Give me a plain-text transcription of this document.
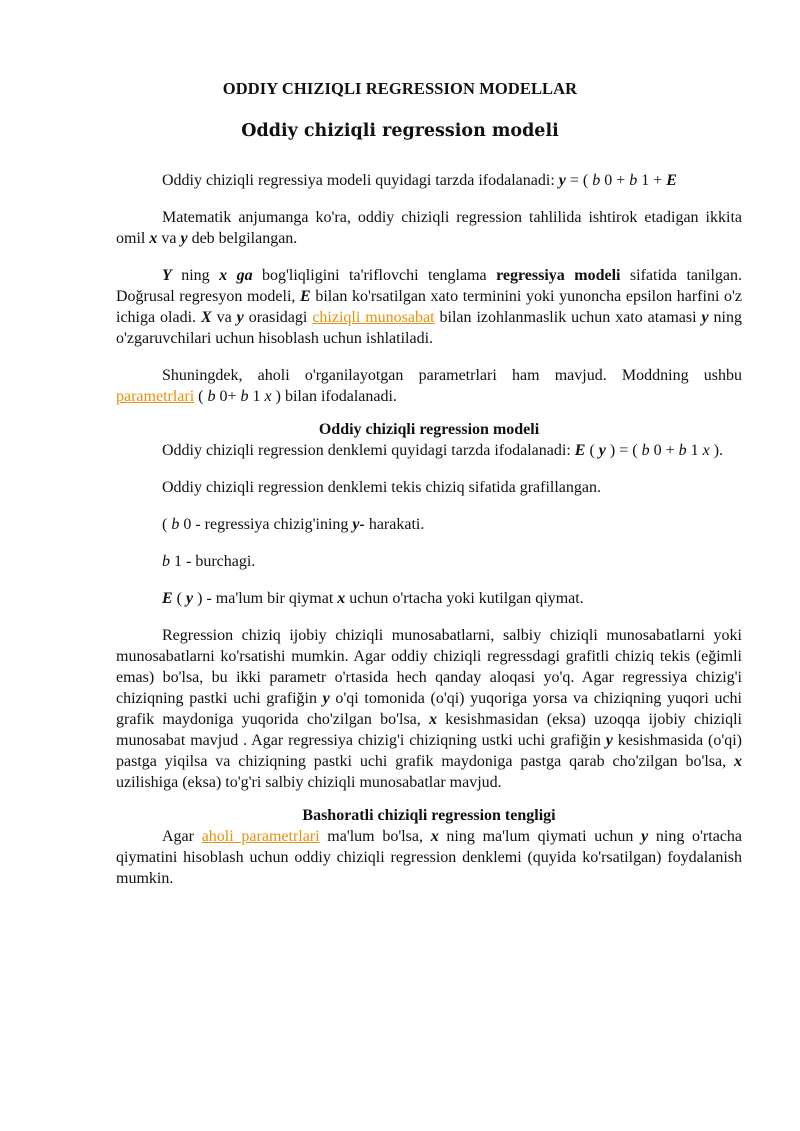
ODDIY CHIZIQLI REGRESSION MODELLAR
Oddiy chiziqli regression modeli

Oddiy chiziqli regressiya modeli quyidagi tarzda ifodalanadi: y = ( b 0 + b 1 + E

Matematik anjumanga ko'ra, oddiy chiziqli regression tahlilida ishtirok etadigan ikkita omil x va y deb belgilangan.

Y ning x ga bog'liqligini ta'riflovchi tenglama regressiya modeli sifatida tanilgan. Doğrusal regresyon modeli, E bilan ko'rsatilgan xato terminini yoki yunoncha epsilon harfini o'z ichiga oladi. X va y orasidagi chiziqli munosabat bilan izohlanmaslik uchun xato atamasi y ning o'zgaruvchilari uchun hisoblash uchun ishlatiladi.

Shuningdek, aholi o'rganilayotgan parametrlari ham mavjud. Moddning ushbu parametrlari ( b 0+ b 1 x ) bilan ifodalanadi.

Oddiy chiziqli regression modeli

Oddiy chiziqli regression denklemi quyidagi tarzda ifodalanadi: E ( y ) = ( b 0 + b 1 x ).

Oddiy chiziqli regression denklemi tekis chiziq sifatida grafillangan.

( b 0 - regressiya chizig'ining y- harakati.

b 1 - burchagi.

E ( y ) - ma'lum bir qiymat x uchun o'rtacha yoki kutilgan qiymat.

Regression chiziq ijobiy chiziqli munosabatlarni, salbiy chiziqli munosabatlarni yoki munosabatlarni ko'rsatishi mumkin. Agar oddiy chiziqli regressdagi grafitli chiziq tekis (eğimli emas) bo'lsa, bu ikki parametr o'rtasida hech qanday aloqasi yo'q. Agar regressiya chizig'i chiziqning pastki uchi grafiğin y o'qi tomonida (o'qi) yuqoriga yorsa va chiziqning yuqori uchi grafik maydoniga yuqorida cho'zilgan bo'lsa, x kesishmasidan (eksa) uzoqqa ijobiy chiziqli munosabat mavjud . Agar regressiya chizig'i chiziqning ustki uchi grafiğin y kesishmasida (o'qi) pastga yiqilsa va chiziqning pastki uchi grafik maydoniga pastga qarab cho'zilgan bo'lsa, x uzilishiga (eksa) to'g'ri salbiy chiziqli munosabatlar mavjud.

Bashoratli chiziqli regression tengligi

Agar aholi parametrlari ma'lum bo'lsa, x ning ma'lum qiymati uchun y ning o'rtacha qiymatini hisoblash uchun oddiy chiziqli regression denklemi (quyida ko'rsatilgan) foydalanish mumkin.
